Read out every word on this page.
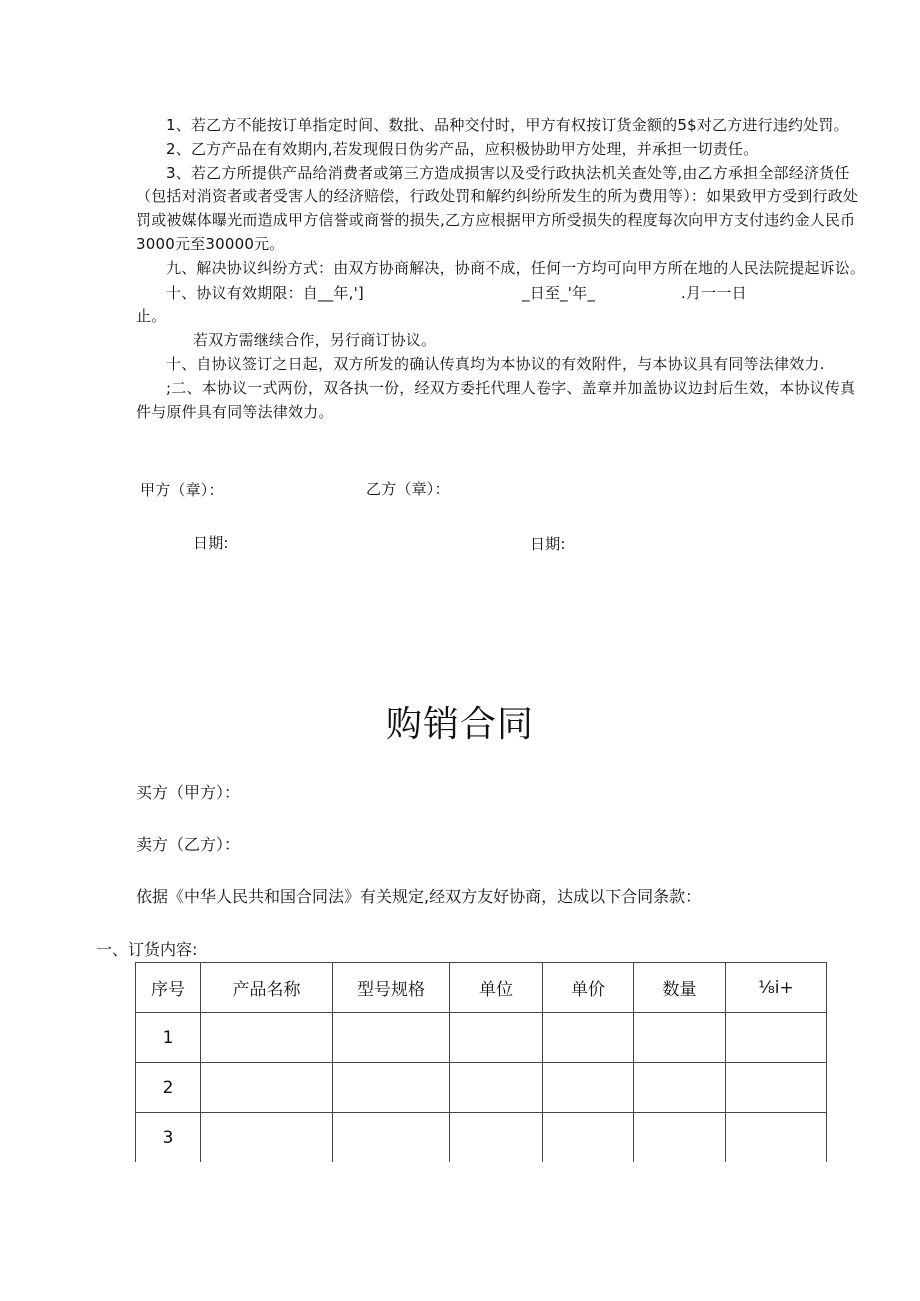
1、若乙方不能按订单指定时间、数批、品种交付时，甲方有权按订货金额的5$对乙方进行违约处罚。
2、乙方产品在有效期内,若发现假日伪劣产品，应积极协助甲方处理，并承担一切责任。
3、若乙方所提供产品给消费者或第三方造成损害以及受行政执法机关查处等,由乙方承担全部经济货任
（包括对消资者或者受害人的经济赔偿，行政处罚和解约纠纷所发生的所为费用等）：如果致甲方受到行政处
罚或被媒体曝光而造成甲方信誉或商誉的损失,乙方应根据甲方所受损失的程度每次向甲方支付违约金人民币
3000元至30000元。
九、解决协议纠纷方式：由双方协商解决，协商不成，任何一方均可向甲方所在地的人民法院提起诉讼。
十、协议有效期限：自__年,']	_日至_'年_	.月一一日
止。
若双方需继续合作，另行商订协议。
十、自协议签订之日起，双方所发的确认传真均为本协议的有效附件，与本协议具有同等法律效力.
;二、本协议一式两份，双各执一份，经双方委托代理人卷字、盖章并加盖协议边封后生效，本协议传真
件与原件具有同等法律效力。
甲方（章）：	乙方（章）：
日期:	日期:
购销合同
买方（甲方）：
卖方（乙方）：
依据《中华人民共和国合同法》有关规定,经双方友好协商，达成以下合同条款：
一、订货内容:
序号	产品名称	型号规格	单位	单价	数量	⅛i+
1						
2						
3						
